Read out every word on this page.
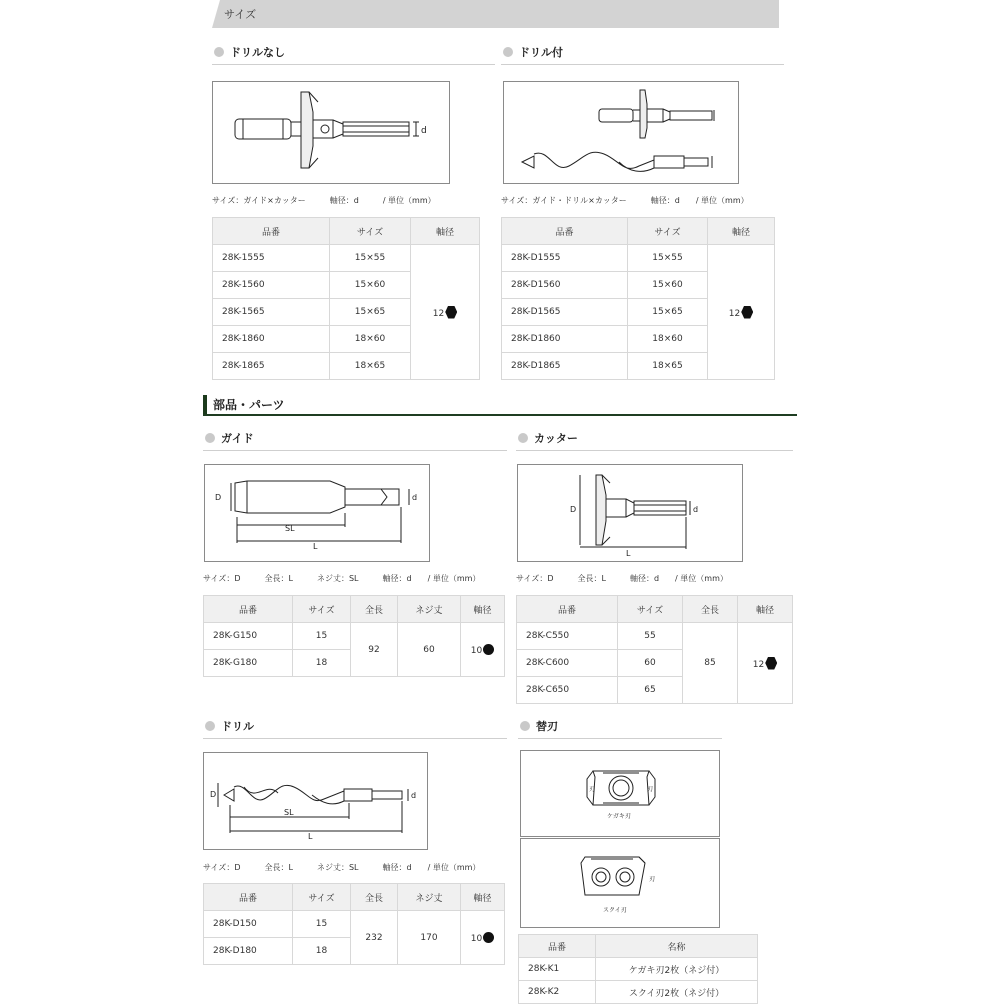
サイズ
ドリルなし
d
サイズ：ガイド×カッター　　　軸径：d　　　/ 単位（mm）
品番	サイズ	軸径
28K-1555	15×55	12
28K-1560	15×60	
28K-1565	15×65	
28K-1860	18×60	
28K-1865	18×65	
ドリル付
サイズ：ガイド・ドリル×カッター　　　軸径：d　　/ 単位（mm）
品番	サイズ	軸径
28K-D1555	15×55	12
28K-D1560	15×60	
28K-D1565	15×65	
28K-D1860	18×60	
28K-D1865	18×65	
部品・パーツ
ガイド
D	d
SL
L
サイズ：D　　　全長：L　　　ネジ丈：SL　　　軸径：d　　/ 単位（mm）
品番	サイズ	全長	ネジ丈	軸径
28K-G150	15	92	60	10
28K-G180	18			
カッター
D	d
L
サイズ：D　　　全長：L　　　軸径：d　　/ 単位（mm）
品番	サイズ	全長	軸径
28K-C550	55	85	12
28K-C600	60		
28K-C650	65		
ドリル
D	d
SL
L
サイズ：D　　　全長：L　　　ネジ丈：SL　　　軸径：d　　/ 単位（mm）
品番	サイズ	全長	ネジ丈	軸径
28K-D150	15	232	170	10
28K-D180	18			
替刃
刃	刃
ケガキ刃
刃
スクイ刃
品番	名称
28K-K1	ケガキ刃2枚（ネジ付）
28K-K2	スクイ刃2枚（ネジ付）
